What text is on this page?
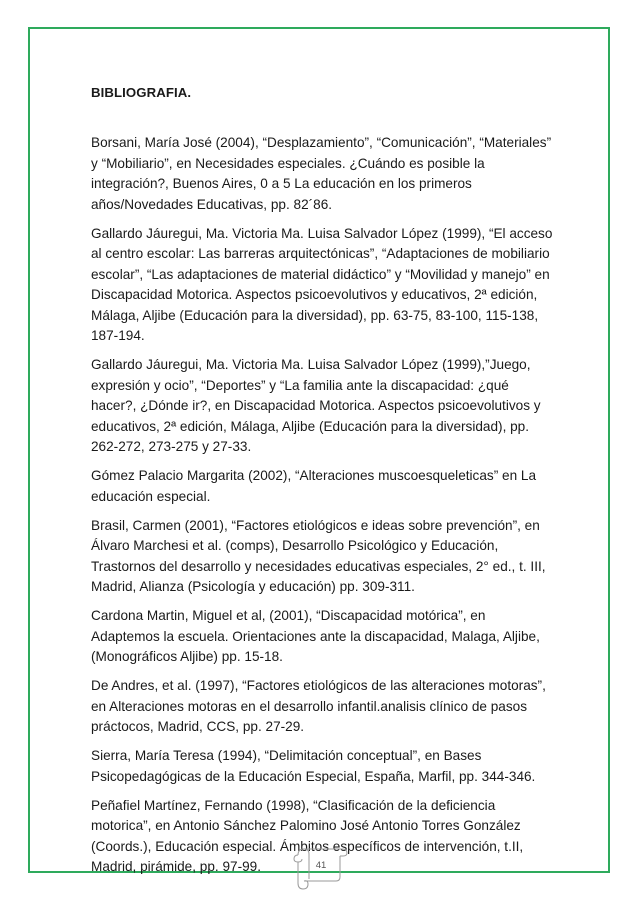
BIBLIOGRAFIA.

Borsani, María José (2004), “Desplazamiento”, “Comunicación”, “Materiales” y “Mobiliario”, en Necesidades especiales. ¿Cuándo es posible la integración?, Buenos Aires, 0 a 5 La educación en los primeros años/Novedades Educativas, pp. 82´86.

Gallardo Jáuregui, Ma. Victoria Ma. Luisa Salvador López (1999), “El acceso al centro escolar: Las barreras arquitectónicas”, “Adaptaciones de mobiliario escolar”, “Las adaptaciones de material didáctico” y “Movilidad y manejo” en Discapacidad Motorica. Aspectos psicoevolutivos y educativos, 2ª edición, Málaga, Aljibe (Educación para la diversidad), pp. 63-75, 83-100, 115-138, 187-194.

Gallardo Jáuregui, Ma. Victoria Ma. Luisa Salvador López (1999),”Juego, expresión y ocio”, “Deportes” y “La familia ante la discapacidad: ¿qué hacer?, ¿Dónde ir?, en Discapacidad Motorica. Aspectos psicoevolutivos y educativos, 2ª edición, Málaga, Aljibe (Educación para la diversidad), pp. 262-272, 273-275 y 27-33.

Gómez Palacio Margarita (2002), “Alteraciones muscoesqueleticas” en La educación especial.

Brasil, Carmen (2001), “Factores etiológicos e ideas sobre prevención”, en Álvaro Marchesi et al. (comps), Desarrollo Psicológico y Educación, Trastornos del desarrollo y necesidades educativas especiales, 2° ed., t. III, Madrid, Alianza (Psicología y educación) pp. 309-311.

Cardona Martin, Miguel et al, (2001), “Discapacidad motórica”, en Adaptemos la escuela. Orientaciones ante la discapacidad, Malaga, Aljibe, (Monográficos Aljibe) pp. 15-18.

De Andres, et al. (1997), “Factores etiológicos de las alteraciones motoras”, en Alteraciones motoras en el desarrollo infantil.analisis clínico de pasos práctocos, Madrid, CCS, pp. 27-29.

Sierra, María Teresa (1994), “Delimitación conceptual”, en Bases Psicopedagógicas de la Educación Especial, España, Marfil, pp. 344-346.

Peñafiel Martínez, Fernando (1998), “Clasificación de la deficiencia motorica”, en Antonio Sánchez Palomino José Antonio Torres González (Coords.), Educación especial. Ámbitos específicos de intervención, t.II, Madrid, pirámide, pp. 97-99.	41
